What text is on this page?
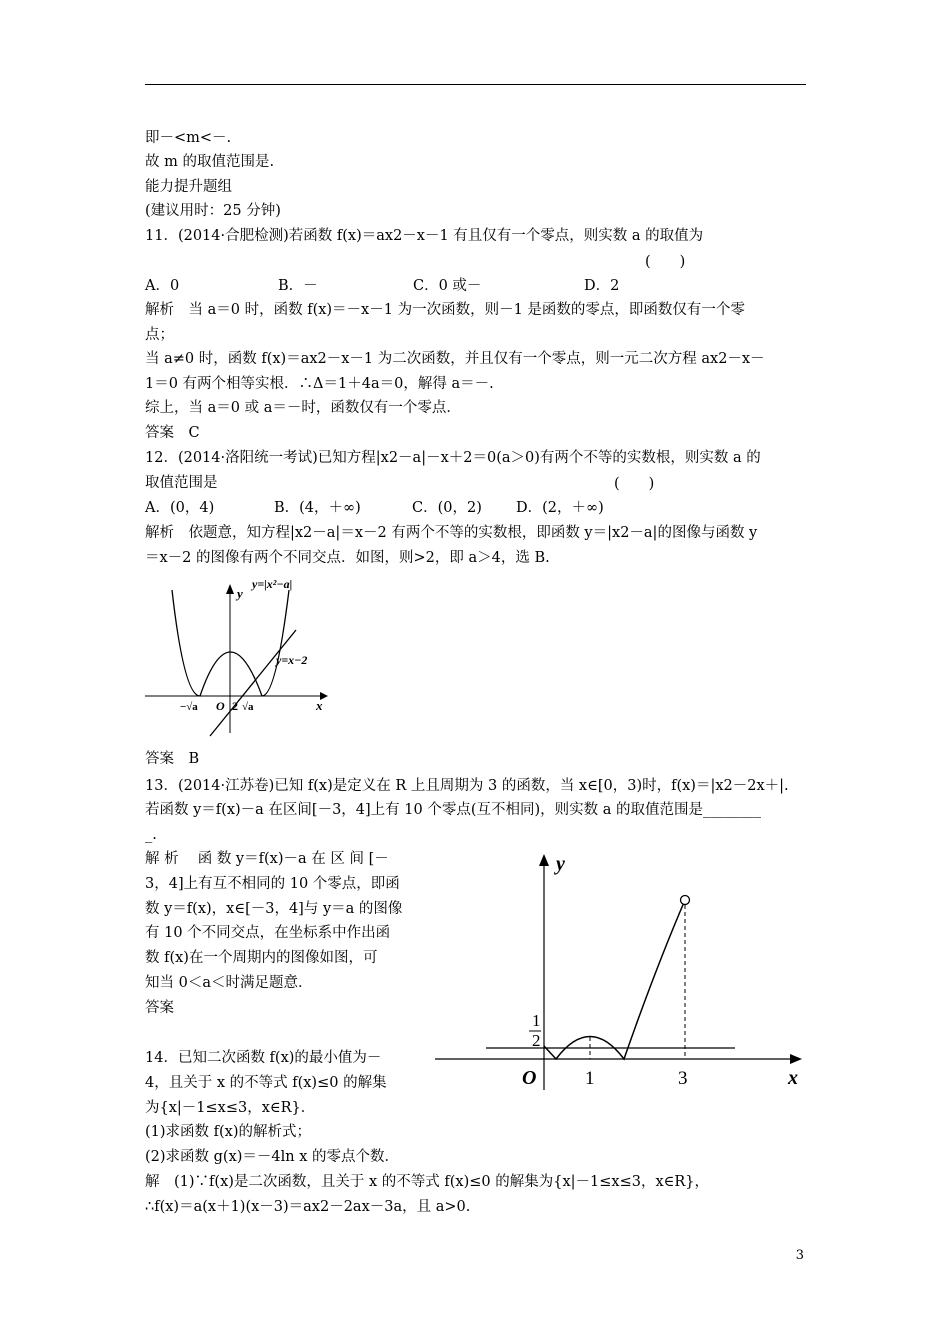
即－<m<－.
故 m 的取值范围是.
能力提升题组
(建议用时：25 分钟)
11．(2014·合肥检测)若函数 f(x)＝ax2－x－1 有且仅有一个零点，则实数 a 的取值为
(　　)
A．0	B．－	C．0 或－	D．2
解析　当 a＝0 时，函数 f(x)＝－x－1 为一次函数，则－1 是函数的零点，即函数仅有一个零
点；
当 a≠0 时，函数 f(x)＝ax2－x－1 为二次函数，并且仅有一个零点，则一元二次方程 ax2－x－
1＝0 有两个相等实根．∴Δ＝1＋4a＝0，解得 a＝－.
综上，当 a＝0 或 a＝－时，函数仅有一个零点．
答案　C
12．(2014·洛阳统一考试)已知方程|x2－a|－x＋2＝0(a＞0)有两个不等的实数根，则实数 a 的
取值范围是	(　　)
A．(0，4)	B．(4，＋∞)	C．(0，2) D．(2，＋∞)
解析　依题意，知方程|x2－a|＝x－2 有两个不等的实数根，即函数 y＝|x2－a|的图像与函数 y
＝x－2 的图像有两个不同交点．如图，则>2，即 a＞4，选 B.
y
y=|x²−a|
y=x−2
x
−√a O 2 √a
答案　B
13．(2014·江苏卷)已知 f(x)是定义在 R 上且周期为 3 的函数，当 x∈[0，3)时，f(x)＝|x2－2x＋|.
若函数 y＝f(x)－a 在区间[－3，4]上有 10 个零点(互不相同)，则实数 a 的取值范围是________
_.
解 析　 函 数 y＝f(x)－a 在 区 间 [－
3，4]上有互不相同的 10 个零点，即函
数 y＝f(x)，x∈[－3，4]与 y＝a 的图像
有 10 个不同交点，在坐标系中作出函
数 f(x)在一个周期内的图像如图，可
知当 0＜a＜时满足题意．
答案
14．已知二次函数 f(x)的最小值为－
4，且关于 x 的不等式 f(x)≤0 的解集
为{x|－1≤x≤3，x∈R}．
(1)求函数 f(x)的解析式；
(2)求函数 g(x)＝－4ln x 的零点个数．
解　(1)∵f(x)是二次函数，且关于 x 的不等式 f(x)≤0 的解集为{x|－1≤x≤3，x∈R}，
∴f(x)＝a(x＋1)(x－3)＝ax2－2ax－3a，且 a>0.
y
x
O
1
2
1	3
3
